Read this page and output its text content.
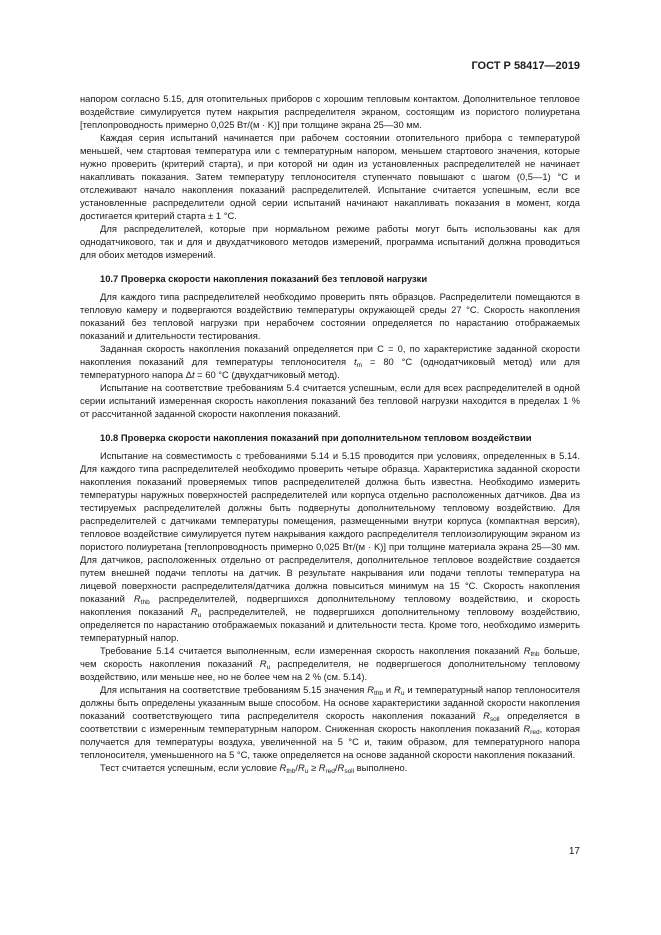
ГОСТ Р 58417—2019

напором согласно 5.15, для отопительных приборов с хорошим тепловым контактом. Дополнительное тепловое воздействие симулируется путем накрытия распределителя экраном, состоящим из пористого полиуретана [теплопроводность примерно 0,025 Вт/(м · K)] при толщине экрана 25—30 мм.

Каждая серия испытаний начинается при рабочем состоянии отопительного прибора с температурой меньшей, чем стартовая температура или с температурным напором, меньшем стартового значения, которые нужно проверить (критерий старта), и при которой ни один из установленных распределителей не начинает накапливать показания. Затем температуру теплоносителя ступенчато повышают с шагом (0,5—1) °C и отслеживают начало накопления показаний распределителей. Испытание считается успешным, если все установленные распределители одной серии испытаний начинают накапливать показания в момент, когда достигается критерий старта ± 1 °C.

Для распределителей, которые при нормальном режиме работы могут быть использованы как для однодатчикового, так и для и двухдатчикового методов измерений, программа испытаний должна проводиться для обоих методов измерений.

10.7 Проверка скорости накопления показаний без тепловой нагрузки

Для каждого типа распределителей необходимо проверить пять образцов. Распределители помещаются в тепловую камеру и подвергаются воздействию температуры окружающей среды 27 °C. Скорость накопления показаний без тепловой нагрузки при нерабочем состоянии определяется по нарастанию отображаемых показаний и длительности тестирования.

Заданная скорость накопления показаний определяется при C = 0, по характеристике заданной скорости накопления показаний для температуры теплоносителя $t_m = 80$ °C (однодатчиковый метод) или для температурного напора Δt = 60 °C (двухдатчиковый метод).

Испытание на соответствие требованиям 5.4 считается успешным, если для всех распределителей в одной серии испытаний измеренная скорость накопления показаний без тепловой нагрузки находится в пределах 1 % от рассчитанной заданной скорости накопления показаний.

10.8 Проверка скорости накопления показаний при дополнительном тепловом воздействии

Испытание на совместимость с требованиями 5.14 и 5.15 проводится при условиях, определенных в 5.14. Для каждого типа распределителей необходимо проверить четыре образца. Характеристика заданной скорости накопления показаний проверяемых типов распределителей должна быть известна. Необходимо измерить температуры наружных поверхностей распределителей или корпуса отдельно расположенных датчиков. Два из тестируемых распределителей должны быть подвернуты дополнительному тепловому воздействию. Для распределителей с датчиками температуры помещения, размещенными внутри корпуса (компактная версия), тепловое воздействие симулируется путем накрывания каждого распределителя теплоизолирующим экраном из пористого полиуретана [теплопроводность примерно 0,025 Вт/(м · K)] при толщине материала экрана 25—30 мм. Для датчиков, расположенных отдельно от распределителя, дополнительное тепловое воздействие создается путем внешней подачи теплоты на датчик. В результате накрывания или подачи теплоты температура на лицевой поверхности распределителя/датчика должна повыситься минимум на 15 °C. Скорость накопления показаний $R_{thb}$ распределителей, подвергшихся дополнительному тепловому воздействию, и скорость накопления показаний $R_u$ распределителей, не подвергшихся дополнительному тепловому воздействию, определяется по нарастанию отображаемых показаний и длительности теста. Кроме того, необходимо измерить температурный напор.

Требование 5.14 считается выполненным, если измеренная скорость накопления показаний $R_{thb}$ больше, чем скорость накопления показаний $R_u$ распределителя, не подвергшегося дополнительному тепловому воздействию, или меньше нее, но не более чем на 2 % (см. 5.14).

Для испытания на соответствие требованиям 5.15 значения $R_{thb}$ и $R_u$ и температурный напор теплоносителя должны быть определены указанным выше способом. На основе характеристики заданной скорости накопления показаний соответствующего типа распределителя скорость накопления показаний $R_{soll}$ определяется в соответствии с измеренным температурным напором. Сниженная скорость накопления показаний $R_{red}$, которая получается для температуры воздуха, увеличенной на 5 °C и, таким образом, для температурного напора теплоносителя, уменьшенного на 5 °C, также определяется на основе заданной скорости накопления показаний.

Тест считается успешным, если условие $R_{thb}/R_u \ge R_{red}/R_{soll}$ выполнено.

17
